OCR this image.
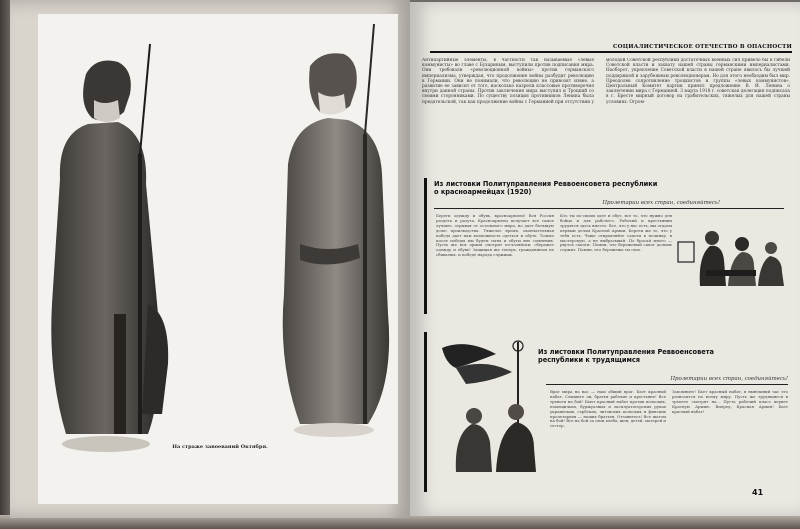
На страже завоеваний Октября.
СОЦИАЛИСТИЧЕСКОЕ ОТЕЧЕСТВО В ОПАСНОСТИ
Антипартийные элементы, в частности так называемые «левые коммунисты» во главе с Бухариным, выступили против подписания мира. Они требовали «революционной войны» против германского империализма, утверждая, что продолжение войны разбудит революцию в Германии. Они не понимали, что революцию не привозят извне, а развитие ее зависит от того, насколько назрели классовые противоречия внутри данной страны. Против заключения мира выступил и Троцкий со своими сторонниками. По существу позиция противников Ленина была предательской, так как продолжение войны с Германией при отсутствии у
молодой Советской республики достаточных военных сил привело бы к гибели Советской власти и захвату нашей страны германскими империалистами. Наоборот, укрепление Советской власти в нашей стране явилось бы лучшей поддержкой и зарубежным революционерам. Но для этого необходим был мир. Преодолев сопротивление троцкистов и группы «левых коммунистов», Центральный Комитет партии принял предложение В. И. Ленина о заключении мира с Германией. 3 марта 1918 г. советская делегация подписала в г. Бресте мирный договор на грабительских, тяжелых для нашей страны условиях. Огром-
Из листовки Политуправления Реввоенсовета республики о красноармейцах (1920)
Пролетарии всех стран, соединяйтесь!
Береги одежду и обувь, красноармеец! Вся Россия раздета и разута. Красноармеец получает все самое лучшее, отрывая от остального мира, но дает большую долю производства. Тяжелое время, окончательная победа дает нам возможность одеться и обуть. Только после победы мы будем сыты и обуты вне сомнения. Пусть же вся армия смотрит по-хозяйски: сбережет одежду и обувь! Защищая же теперь, гражданином не сбиваешь, и победе народа служишь.
Кто ты по-своим одет и обут, все то, что нужно для бойца и для рабочего. Рабочий и крестьянин трудятся здесь вместо. Все, что у нас есть, мы отдаем первым делом Красной Армии. Береги же то, что у тебя есть. Чаще отправляйте сапоги в починку, в мастерскую, а не выбрасывай. По бросай много — рвутся сапоги. Помни, что береженый сапог дольше служит. Помни, что бережешь ты свое.
Из листовки Политуправления Реввоенсовета республики к трудящимся
Пролетарии всех стран, соединяйтесь!
Враг мира на вас — наш общий враг. Бьет красный набат. Слышите ли, братья рабочие и крестьяне! Все тревоги на бой! Бьют красный набат против польских, помещичьих, буржуазных и эксплуататорских руках украинских, сербских, литовских польских и финских пролетариев — наших братьев. Отзовитесь! Все шагом на бой! Все на бой за свои хлеба, жен, детей, матерей и сестер.
Запомните! Бьет красный набат, в нынешний час его разносится по всему миру. Пусть же трудящиеся в трепете смотрят на... Пусть рабочий класс вернет Красную Армию. Вперед, Красная Армия! Бьет красный набат!
41
